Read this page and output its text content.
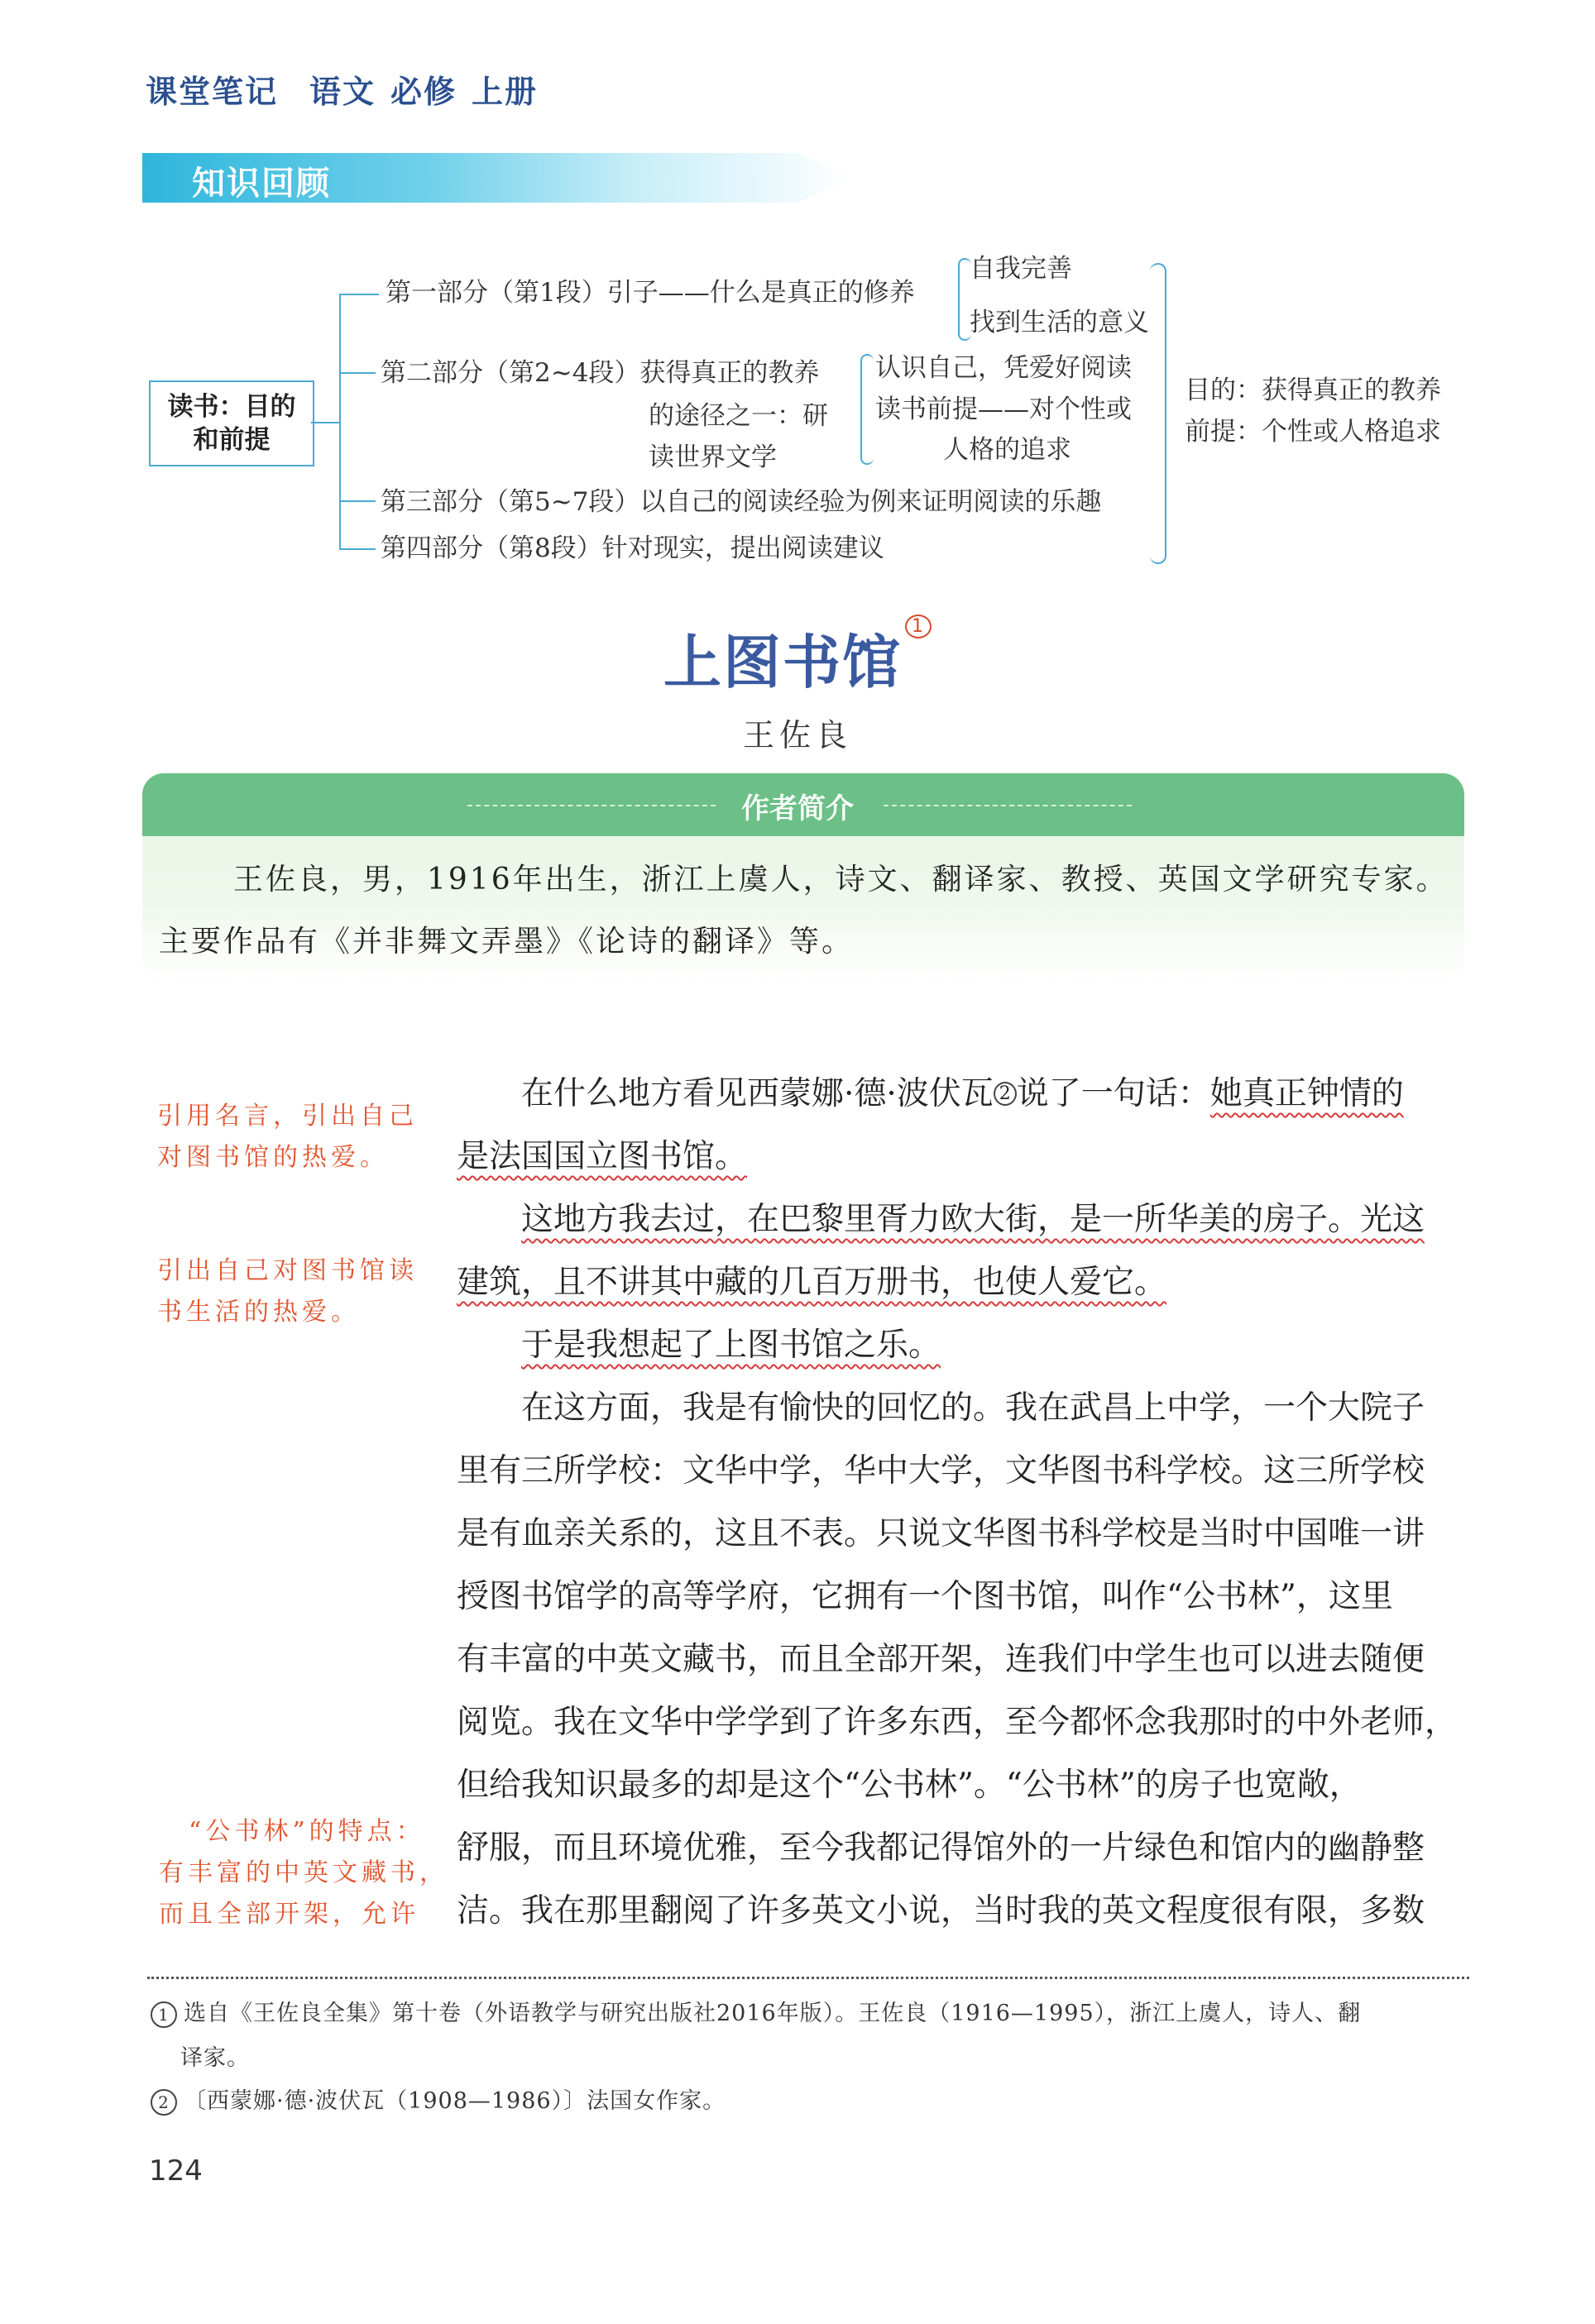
课堂笔记 语文 必修 上册
知识回顾
读书：目的
和前提
第一部分（第1段）引子——什么是真正的修养
自我完善
找到生活的意义
第二部分（第2~4段）获得真正的教养
的途径之一：研
读世界文学
认识自己，凭爱好阅读
读书前提——对个性或
人格的追求
第三部分（第5~7段）以自己的阅读经验为例来证明阅读的乐趣
第四部分（第8段）针对现实，提出阅读建议
目的：获得真正的教养
前提：个性或人格追求
上图书馆$^1$
王佐良
作者简介
王佐良，男，1916年出生，浙江上虞人，诗文、翻译家、教授、英国文学研究专家。
主要作品有《并非舞文弄墨》《论诗的翻译》等。
引用名言，引出自己
对图书馆的热爱。
引出自己对图书馆读
书生活的热爱。
“公书林”的特点：
有丰富的中英文藏书，
而且全部开架，允许
在什么地方看见西蒙娜·德·波伏瓦 $^2$ 说了一句话：她真正钟情的
是法国国立图书馆。
这地方我去过，在巴黎里胥力欧大街，是一所华美的房子。光这
建筑，且不讲其中藏的几百万册书，也使人爱它。
于是我想起了上图书馆之乐。
在这方面，我是有愉快的回忆的。我在武昌上中学，一个大院子
里有三所学校：文华中学，华中大学，文华图书科学校。这三所学校
是有血亲关系的，这且不表。只说文华图书科学校是当时中国唯一讲
授图书馆学的高等学府，它拥有一个图书馆，叫作“公书林”，这里
有丰富的中英文藏书，而且全部开架，连我们中学生也可以进去随便
阅览。我在文华中学学到了许多东西，至今都怀念我那时的中外老师，
但给我知识最多的却是这个“公书林”。“公书林”的房子也宽敞，
舒服，而且环境优雅，至今我都记得馆外的一片绿色和馆内的幽静整
洁。我在那里翻阅了许多英文小说，当时我的英文程度很有限，多数
1 选自《王佐良全集》第十卷（外语教学与研究出版社2016年版）。王佐良（1916—1995），浙江上虞人，诗人、翻
译家。
2 〔西蒙娜·德·波伏瓦（1908—1986）〕法国女作家。
124
